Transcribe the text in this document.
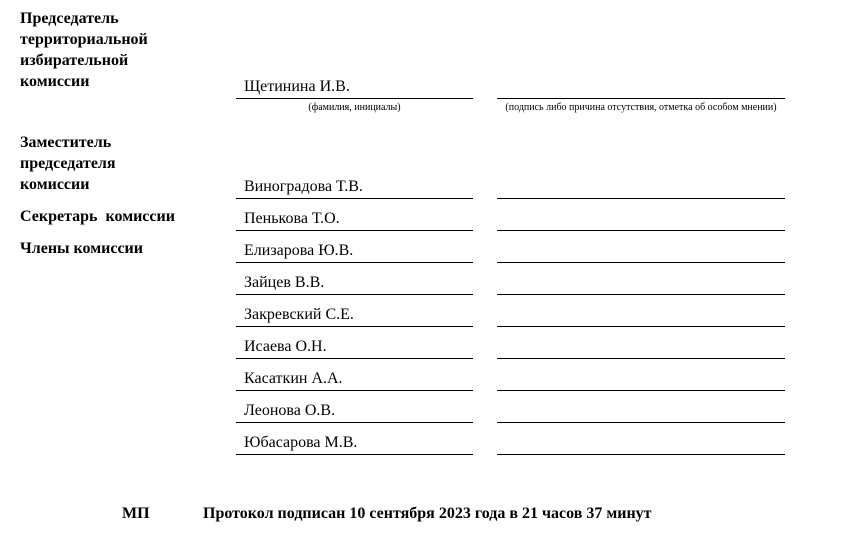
Председатель
территориальной
избирательной
комиссии	Щетинина И.В.
(фамилия, инициалы)	(подпись либо причина отсутствия, отметка об особом мнении)
Заместитель
председателя
комиссии	Виноградова Т.В.
Секретарь  комиссии	Пенькова Т.О.
Члены комиссии	Елизарова Ю.В.
Зайцев В.В.
Закревский С.Е.
Исаева О.Н.
Касаткин А.А.
Леонова О.В.
Юбасарова М.В.
МП	Протокол подписан 10 сентября 2023 года в 21 часов 37 минут
